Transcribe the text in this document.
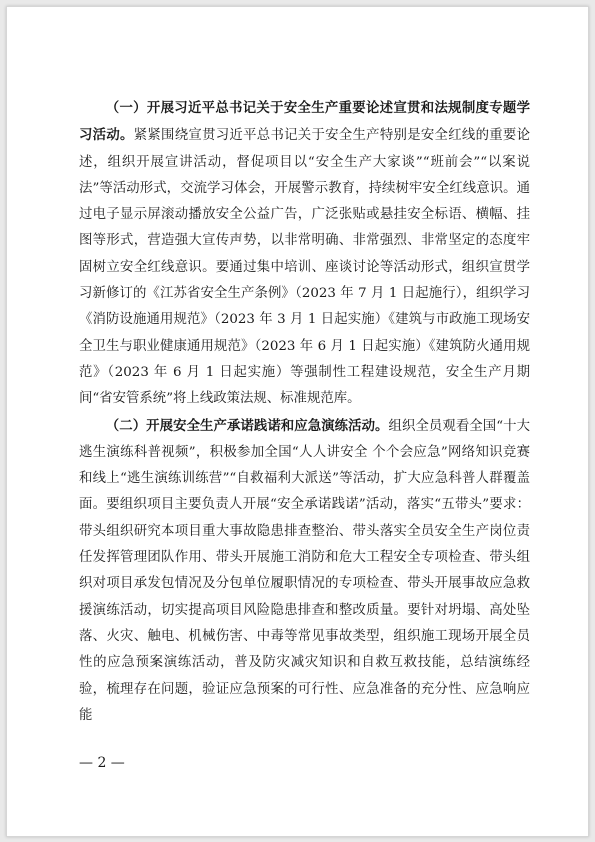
（一）开展习近平总书记关于安全生产重要论述宣贯和法规制度专题学习活动。紧紧围绕宣贯习近平总书记关于安全生产特别是安全红线的重要论述，组织开展宣讲活动，督促项目以“安全生产大家谈”“班前会”“以案说法”等活动形式，交流学习体会，开展警示教育，持续树牢安全红线意识。通过电子显示屏滚动播放安全公益广告，广泛张贴或悬挂安全标语、横幅、挂图等形式，营造强大宣传声势，以非常明确、非常强烈、非常坚定的态度牢固树立安全红线意识。要通过集中培训、座谈讨论等活动形式，组织宣贯学习新修订的《江苏省安全生产条例》（2023 年 7 月 1 日起施行），组织学习《消防设施通用规范》（2023 年 3 月 1 日起实施）《建筑与市政施工现场安全卫生与职业健康通用规范》（2023 年 6 月 1 日起实施）《建筑防火通用规范》（2023 年 6 月 1 日起实施）等强制性工程建设规范，安全生产月期间“省安管系统”将上线政策法规、标准规范库。

（二）开展安全生产承诺践诺和应急演练活动。组织全员观看全国“十大逃生演练科普视频”，积极参加全国“人人讲安全 个个会应急”网络知识竞赛和线上“逃生演练训练营”“自救福利大派送”等活动，扩大应急科普人群覆盖面。要组织项目主要负责人开展“安全承诺践诺”活动，落实“五带头”要求：带头组织研究本项目重大事故隐患排查整治、带头落实全员安全生产岗位责任发挥管理团队作用、带头开展施工消防和危大工程安全专项检查、带头组织对项目承发包情况及分包单位履职情况的专项检查、带头开展事故应急救援演练活动，切实提高项目风险隐患排查和整改质量。要针对坍塌、高处坠落、火灾、触电、机械伤害、中毒等常见事故类型，组织施工现场开展全员性的应急预案演练活动，普及防灾减灾知识和自救互救技能，总结演练经验，梳理存在问题，验证应急预案的可行性、应急准备的充分性、应急响应能

— 2 —
